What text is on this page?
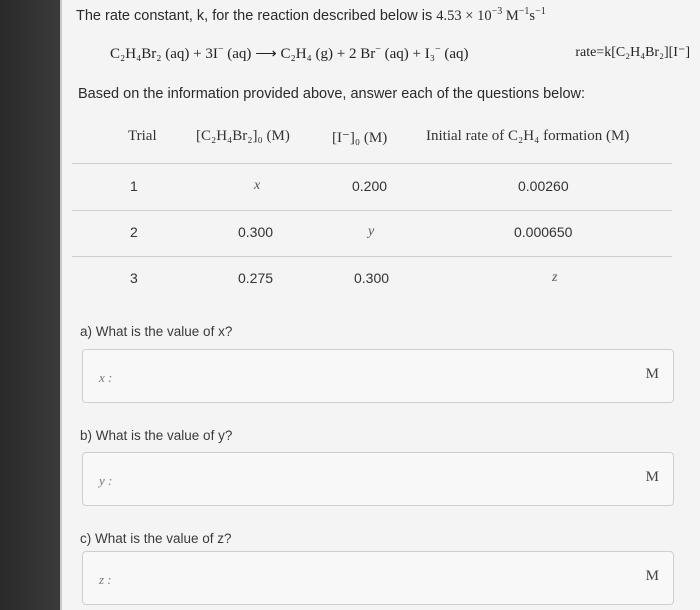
The rate constant, k, for the reaction described below is $4.53 \times 10^{-3}$ $M^{-1}s^{-1}$
C₂H₄Br₂ (aq) + 3I− (aq) ⟶ C₂H₄ (g) + 2 Br− (aq) + I₃− (aq)	rate=k[C₂H₄Br₂][I⁻]
Based on the information provided above, answer each of the questions below:
Trial	[C₂H₄Br₂]₀ (M)	[I⁻]₀ (M)	Initial rate of C₂H₄ formation (M)
1	x	0.200	0.00260
2	0.300	y	0.000650
3	0.275	0.300	z
a) What is the value of x?
x :	M
b) What is the value of y?
y :	M
c) What is the value of z?
z :	M
